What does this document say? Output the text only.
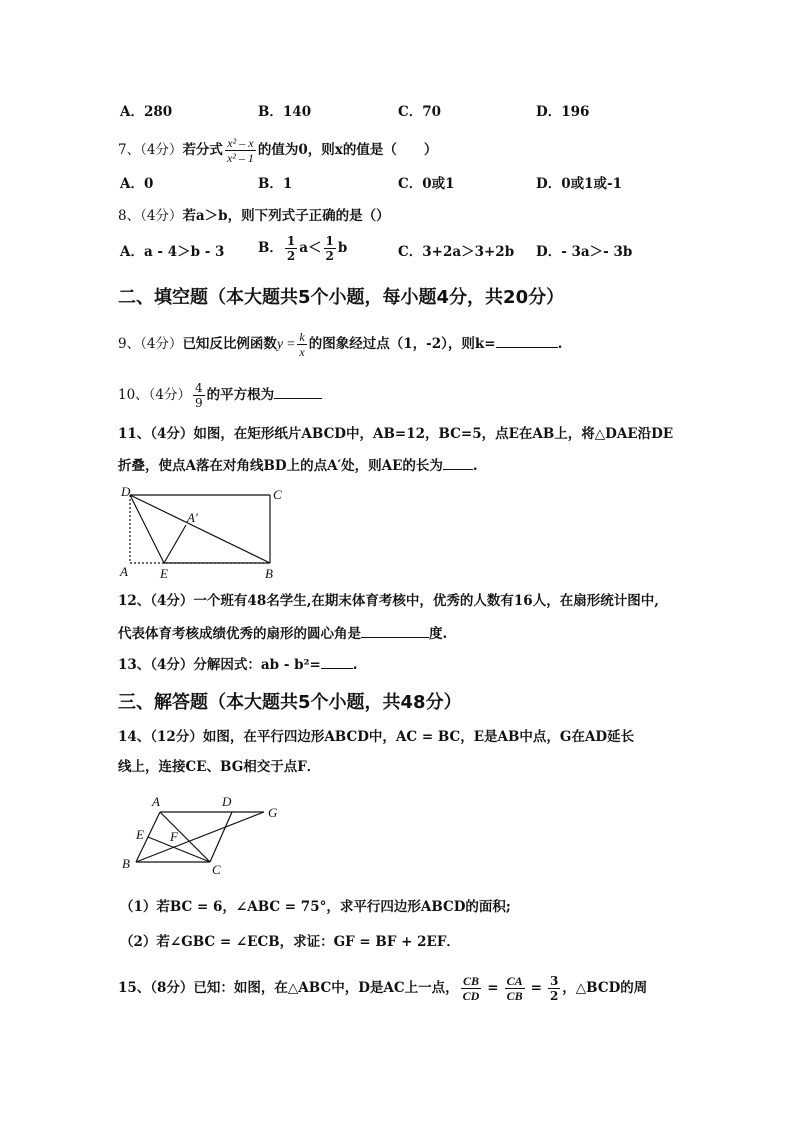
A．280	B．140	C．70	D．196
7、（4分）若分式 $\frac{\text{x² – x}}{\text{x² – 1}}$ 的值为0，则x的值是（　　）
A．0	B．1	C．0或1	D．0或1或-1
8、（4分）若a＞b，则下列式子正确的是（）
A．a - 4＞b - 3 B． $\frac{1}{2} a< \frac{1}{2}$ b	C．3+2a＞3+2b D．- 3a＞- 3b
二、填空题（本大题共5个小题，每小题4分，共20分）
9、（4分）已知反比例函数$y = \frac{k}{x}$ 的图象经过点（1，-2），则k=	.
10、（4分） $\frac{4}{9}$ 的平方根为
11、（4分）如图，在矩形纸片ABCD中，AB=12，BC=5，点E在AB上，将△DAE沿DE
折叠，使点A落在对角线BD上的点A′处，则AE的长为 .
D	C
A′
A E	B
12、（4分）一个班有48名学生,在期末体育考核中，优秀的人数有16人，在扇形统计图中,
代表体育考核成绩优秀的扇形的圆心角是	度.
13、（4分）分解因式：ab - b²= .
三、解答题（本大题共5个小题，共48分）
14、（12分）如图，在平行四边形ABCD中，AC = BC，E是AB中点，G在AD延长
线上，连接CE、BG相交于点F．
A	D
G
E F
B	C
（1）若BC = 6，∠ABC = 75°，求平行四边形ABCD的面积;
（2）若∠GBC = ∠ECB，求证：GF = BF + 2EF．
15、（8分）已知：如图，在△ABC中，D是AC上一点， $\frac{CB}{CD} = \frac{CA}{CB} = \frac{3}{2}$ ，△BCD的周
